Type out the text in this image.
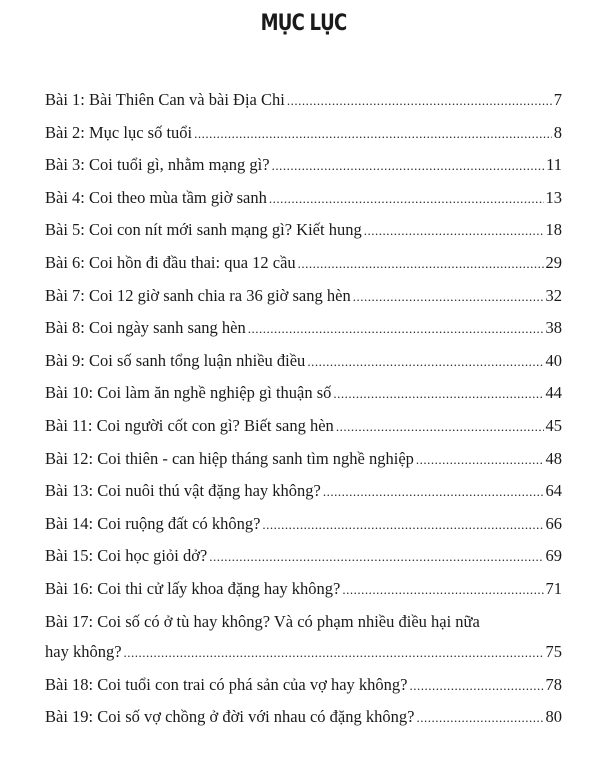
MỤC LỤC
Bài 1: Bài Thiên Can và bài Địa Chi .....	7
Bài 2: Mục lục số tuổi .....	8
Bài 3: Coi tuổi gì, nhằm mạng gì? .....	11
Bài 4: Coi theo mùa tầm giờ sanh .....	13
Bài 5: Coi con nít mới sanh mạng gì? Kiết hung .....	18
Bài 6: Coi hồn đi đầu thai: qua 12 cầu .....	29
Bài 7: Coi 12 giờ sanh chia ra 36 giờ sang hèn .....	32
Bài 8: Coi ngày sanh sang hèn .....	38
Bài 9: Coi số sanh tổng luận nhiều điều .....	40
Bài 10: Coi làm ăn nghề nghiệp gì thuận số .....	44
Bài 11: Coi người cốt con gì? Biết sang hèn .....	45
Bài 12: Coi thiên - can hiệp tháng sanh tìm nghề nghiệp .....	48
Bài 13: Coi nuôi thú vật đặng hay không? .....	64
Bài 14: Coi ruộng đất có không? .....	66
Bài 15: Coi học giỏi dở? .....	69
Bài 16: Coi thi cử lấy khoa đặng hay không? .....	71
Bài 17: Coi số có ở tù hay không? Và có phạm nhiều điều hại nữa
hay không? .....	75
Bài 18: Coi tuổi con trai có phá sản của vợ hay không? .....	78
Bài 19: Coi số vợ chồng ở đời với nhau có đặng không? .....	80
